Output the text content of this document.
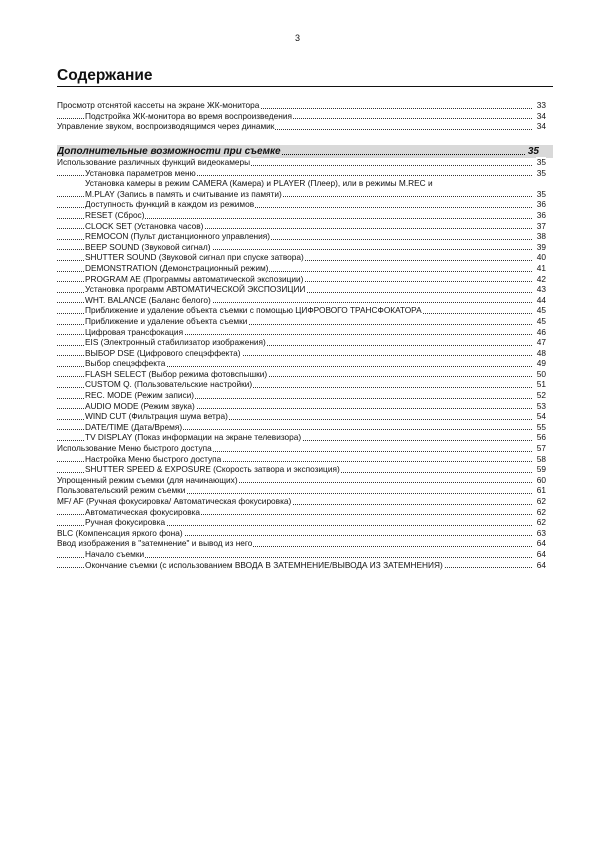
3
Содержание
Просмотр отснятой кассеты на экране ЖК-монитора	33
Подстройка ЖК-монитора во время воспроизведения	34
Управление звуком, воспроизводящимся через динамик	34
Дополнительные возможности при съемке	35
Использование различных функций видеокамеры	35
Установка параметров меню	35
Установка камеры в режим CAMERA (Камера) и PLAYER (Плеер), или в режимы M.REC и
M.PLAY (Запись в память и считывание из памяти)	35
Доступность функций в каждом из режимов	36
RESET (Сброс)	36
CLOCK SET (Установка часов)	37
REMOCON (Пульт дистанционного управления)	38
BEEP SOUND (Звуковой сигнал)	39
SHUTTER SOUND (Звуковой сигнал при спуске затвора)	40
DEMONSTRATION (Демонстрационный режим)	41
PROGRAM AE (Программы автоматической экспозиции)	42
Установка программ АВТОМАТИЧЕСКОЙ ЭКСПОЗИЦИИ	43
WHT. BALANCE (Баланс белого)	44
Приближение и удаление объекта съемки с помощью ЦИФРОВОГО ТРАНСФОКАТОРА	45
Приближение и удаление объекта съемки	45
Цифровая трансфокация	46
EIS (Электронный стабилизатор изображения)	47
ВЫБОР DSE (Цифрового спецэффекта)	48
Выбор спецэффекта	49
FLASH SELECT (Выбор режима фотовспышки)	50
CUSTOM Q. (Пользовательские настройки)	51
REC. MODE (Режим записи)	52
AUDIO MODE (Режим звука)	53
WIND CUT (Фильтрация шума ветра)	54
DATE/TIME (Дата/Время)	55
TV DISPLAY (Показ информации на экране телевизора)	56
Использование Меню быстрого доступа	57
Настройка Меню быстрого доступа	58
SHUTTER SPEED & EXPOSURE (Скорость затвора и экспозиция)	59
Упрощенный режим съемки (для начинающих)	60
Пользовательский режим съемки	61
MF/ AF (Ручная фокусировка/ Автоматическая фокусировка)	62
Автоматическая фокусировка	62
Ручная фокусировка	62
BLC (Компенсация яркого фона)	63
Ввод изображения в "затемнение" и вывод из него	64
Начало съемки	64
Окончание съемки (с использованием ВВОДА В ЗАТЕМНЕНИЕ/ВЫВОДА ИЗ ЗАТЕМНЕНИЯ)	64
